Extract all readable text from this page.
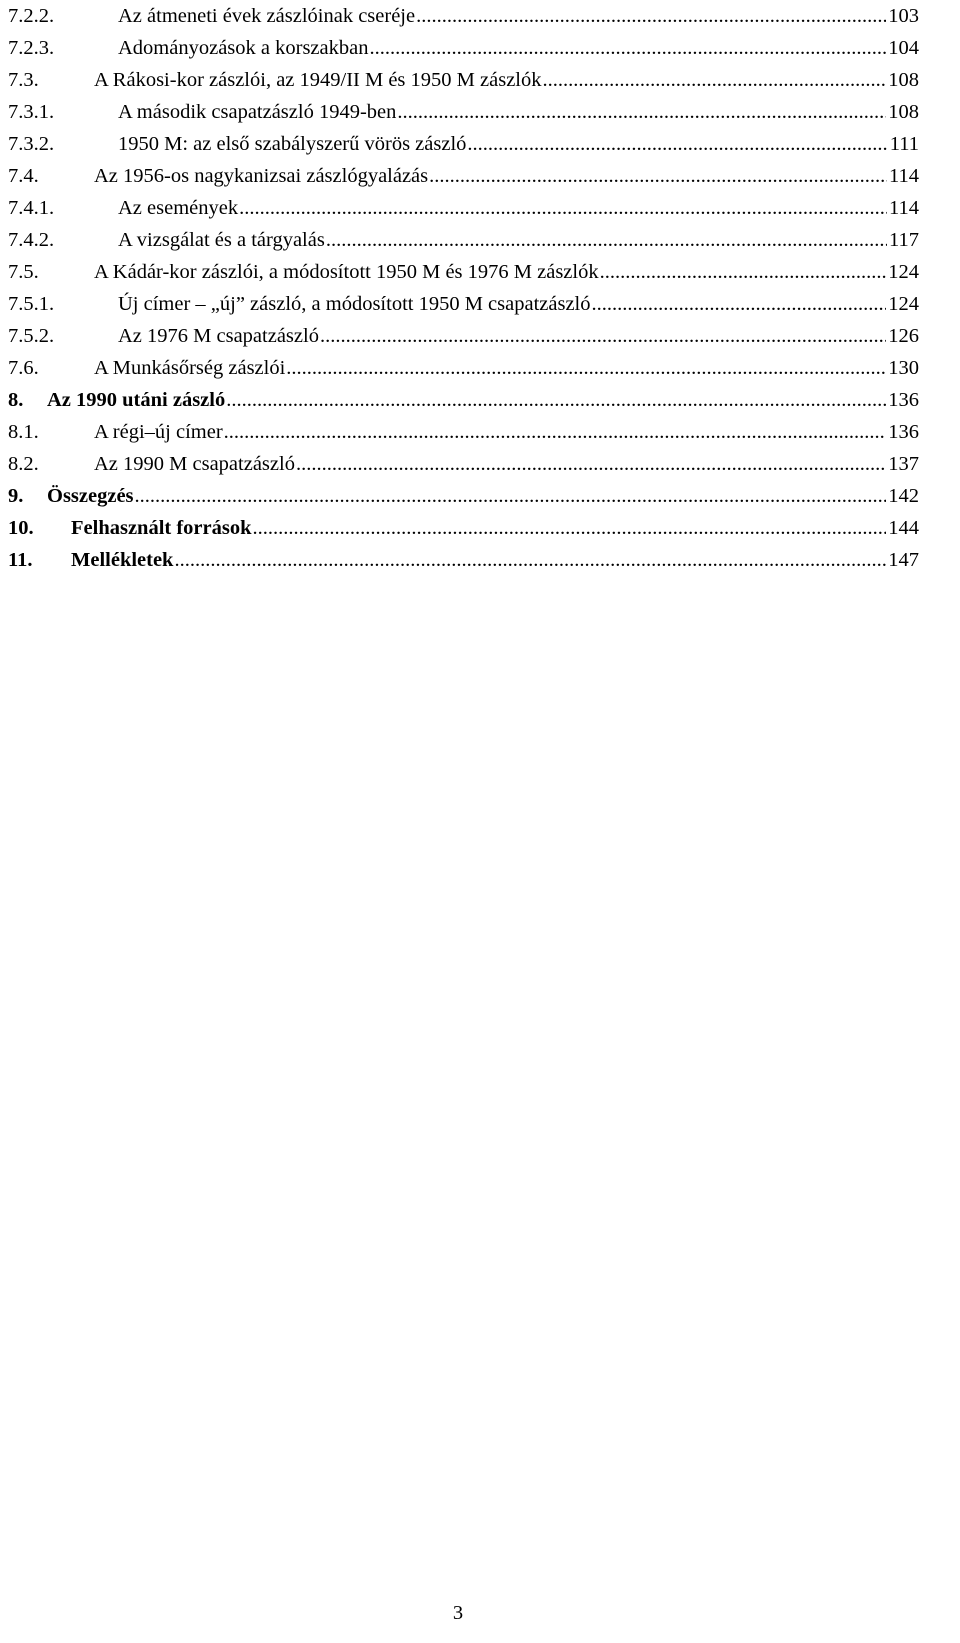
7.2.2.	Az átmeneti évek zászlóinak cseréje .....	103
7.2.3.	Adományozások a korszakban .....	104
7.3.	A Rákosi-kor zászlói, az 1949/II M és 1950 M zászlók .....	108
7.3.1.	A második csapatzászló 1949-ben .....	108
7.3.2.	1950 M: az első szabályszerű vörös zászló .....	111
7.4.	Az 1956-os nagykanizsai zászlógyalázás .....	114
7.4.1.	Az események .....	114
7.4.2.	A vizsgálat és a tárgyalás .....	117
7.5.	A Kádár-kor zászlói, a módosított 1950 M és 1976 M zászlók .....	124
7.5.1.	Új címer – „új” zászló, a módosított 1950 M csapatzászló .....	124
7.5.2.	Az 1976 M csapatzászló .....	126
7.6.	A Munkásőrség zászlói .....	130
8.	Az 1990 utáni zászló .....	136
8.1.	A régi–új címer .....	136
8.2.	Az 1990 M csapatzászló .....	137
9.	Összegzés .....	142
10.	Felhasznált források .....	144
11.	Mellékletek .....	147
3
